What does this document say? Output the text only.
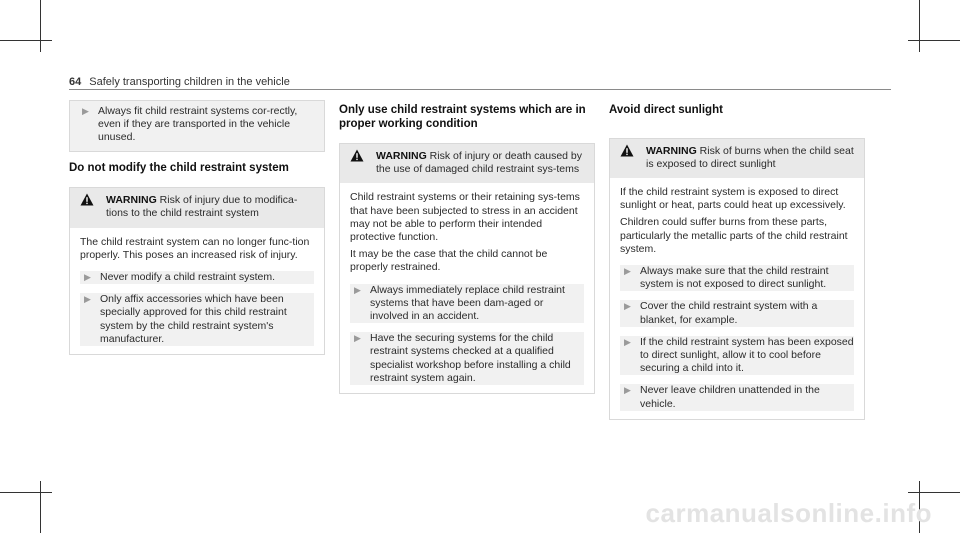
64 Safely transporting children in the vehicle
▶ Always fit child restraint systems cor-rectly, even if they are transported in the vehicle unused.
Do not modify the child restraint system
WARNING Risk of injury due to modifica-tions to the child restraint system

The child restraint system can no longer func-tion properly. This poses an increased risk of injury.

▶ Never modify a child restraint system.
▶ Only affix accessories which have been specially approved for this child restraint system by the child restraint system's manufacturer.
Only use child restraint systems which are in proper working condition
WARNING Risk of injury or death caused by the use of damaged child restraint sys-tems

Child restraint systems or their retaining sys-tems that have been subjected to stress in an accident may not be able to perform their intended protective function.

It may be the case that the child cannot be properly restrained.

▶ Always immediately replace child restraint systems that have been dam-aged or involved in an accident.
▶ Have the securing systems for the child restraint systems checked at a qualified specialist workshop before installing a child restraint system again.
Avoid direct sunlight
WARNING Risk of burns when the child seat is exposed to direct sunlight

If the child restraint system is exposed to direct sunlight or heat, parts could heat up excessively.

Children could suffer burns from these parts, particularly the metallic parts of the child restraint system.

▶ Always make sure that the child restraint system is not exposed to direct sunlight.
▶ Cover the child restraint system with a blanket, for example.
▶ If the child restraint system has been exposed to direct sunlight, allow it to cool before securing a child into it.
▶ Never leave children unattended in the vehicle.
carmanualsonline.info
